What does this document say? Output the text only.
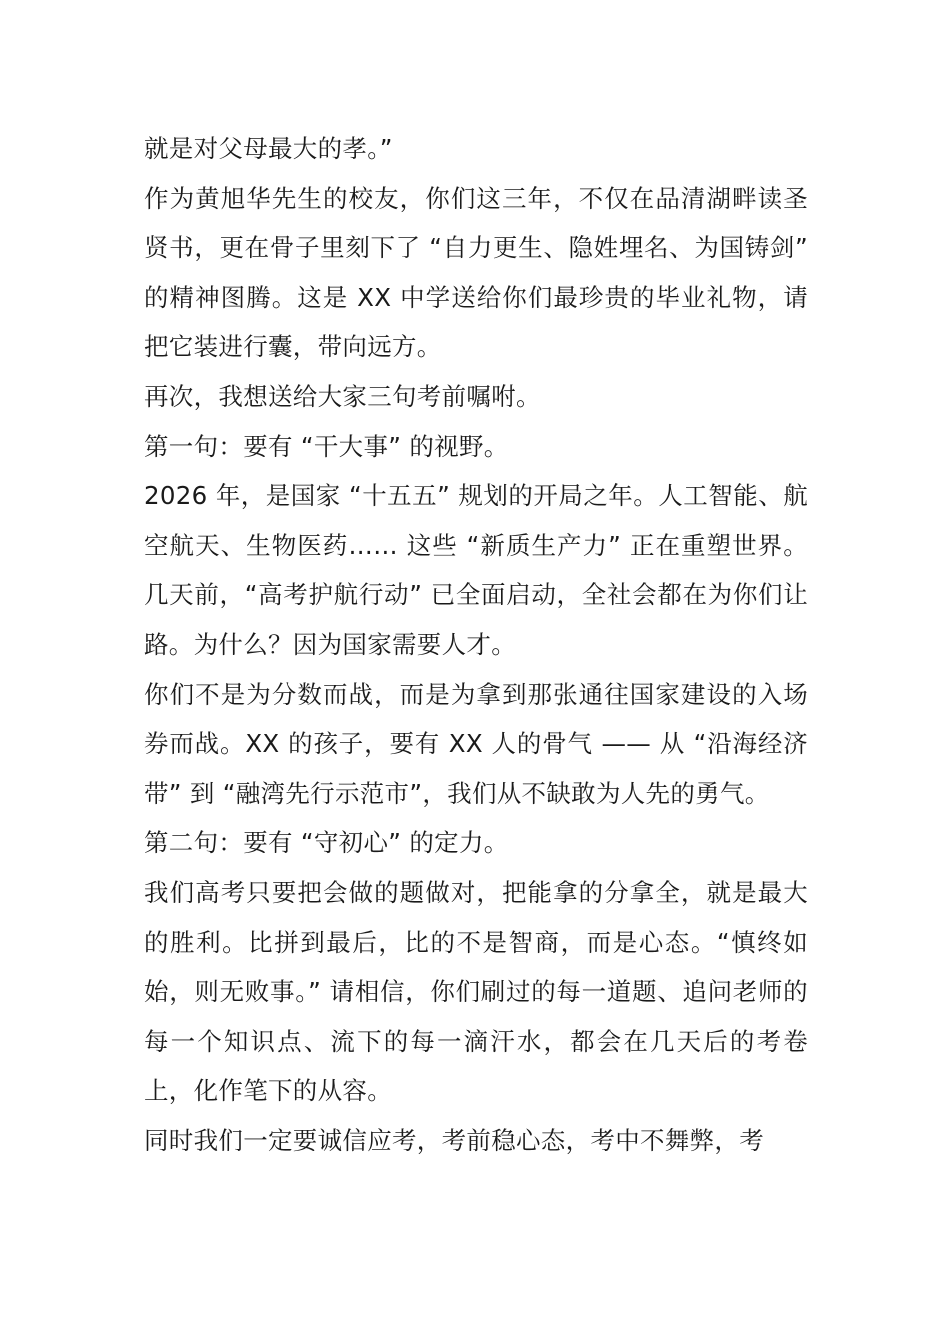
就是对父母最大的孝。”

作为黄旭华先生的校友，你们这三年，不仅在品清湖畔读圣贤书，更在骨子里刻下了 “自力更生、隐姓埋名、为国铸剑” 的精神图腾。这是 XX 中学送给你们最珍贵的毕业礼物，请把它装进行囊，带向远方。

再次，我想送给大家三句考前嘱咐。

第一句：要有 “干大事” 的视野。

2026 年，是国家 “十五五” 规划的开局之年。人工智能、航空航天、生物医药…… 这些 “新质生产力” 正在重塑世界。几天前，“高考护航行动” 已全面启动，全社会都在为你们让路。为什么？因为国家需要人才。

你们不是为分数而战，而是为拿到那张通往国家建设的入场券而战。XX 的孩子，要有 XX 人的骨气 —— 从 “沿海经济带” 到 “融湾先行示范市”，我们从不缺敢为人先的勇气。

第二句：要有 “守初心” 的定力。

我们高考只要把会做的题做对，把能拿的分拿全，就是最大的胜利。比拼到最后，比的不是智商，而是心态。“慎终如始，则无败事。” 请相信，你们刷过的每一道题、追问老师的每一个知识点、流下的每一滴汗水，都会在几天后的考卷上，化作笔下的从容。

同时我们一定要诚信应考，考前稳心态，考中不舞弊，考
